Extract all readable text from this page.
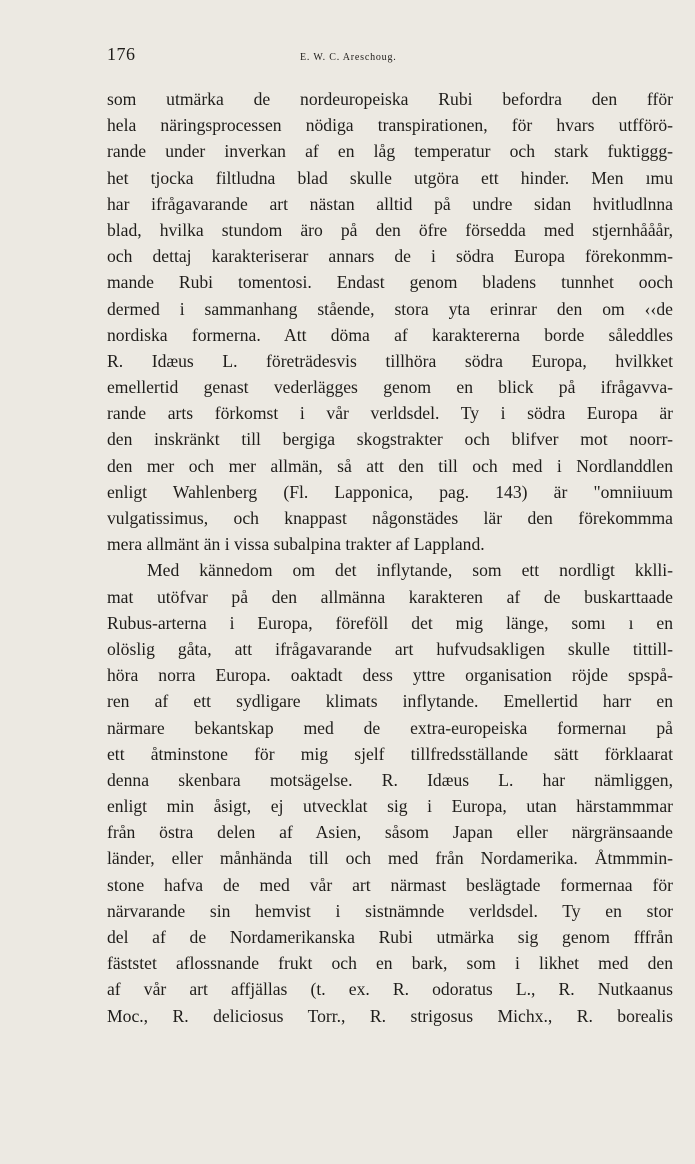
176	E. W. C. Areschoug.
som utmärka de nordeuropeiska Rubi befordra den fför
hela näringsprocessen nödiga transpirationen, för hvars utfförö-
rande under inverkan af en låg temperatur och stark fuktiggg-
het tjocka filtludna blad skulle utgöra ett hinder. Men ımu
har ifrågavarande art nästan alltid på undre sidan hvitludlnna
blad, hvilka stundom äro på den öfre försedda med stjernhååår,
och dettaj karakteriserar annars de i södra Europa förekonmm-
mande Rubi tomentosi. Endast genom bladens tunnhet ooch
dermed i sammanhang stående, stora yta erinrar den om ‹‹de
nordiska formerna. Att döma af karaktererna borde såleddles
R. Idæus L. företrädesvis tillhöra södra Europa, hvilkket
emellertid genast vederlägges genom en blick på ifrågavva-
rande arts förkomst i vår verldsdel. Ty i södra Europa är
den inskränkt till bergiga skogstrakter och blifver mot noorr-
den mer och mer allmän, så att den till och med i Nordlanddlen
enligt Wahlenberg (Fl. Lapponica, pag. 143) är "omniiuum
vulgatissimus, och knappast någonstädes lär den förekommma
mera allmänt än i vissa subalpina trakter af Lappland.
Med kännedom om det inflytande, som ett nordligt kklli-
mat utöfvar på den allmänna karakteren af de buskarttaade
Rubus-arterna i Europa, föreföll det mig länge, somı ı en
olöslig gåta, att ifrågavarande art hufvudsakligen skulle tittill-
höra norra Europa. oaktadt dess yttre organisation röjde spspå-
ren af ett sydligare klimats inflytande. Emellertid harr en
närmare bekantskap med de extra-europeiska formernaı på
ett åtminstone för mig sjelf tillfredsställande sätt förklaarat
denna skenbara motsägelse. R. Idæus L. har nämliggen,
enligt min åsigt, ej utvecklat sig i Europa, utan härstammmar
från östra delen af Asien, såsom Japan eller närgränsaande
länder, eller månhända till och med från Nordamerika. Åtmmmin-
stone hafva de med vår art närmast beslägtade formernaa för
närvarande sin hemvist i sistnämnde verldsdel. Ty en stor
del af de Nordamerikanska Rubi utmärka sig genom fffrån
fäststet aflossnande frukt och en bark, som i likhet med den
af vår art affjällas (t. ex. R. odoratus L., R. Nutkaanus
Moc., R. deliciosus Torr., R. strigosus Michx., R. borealis
